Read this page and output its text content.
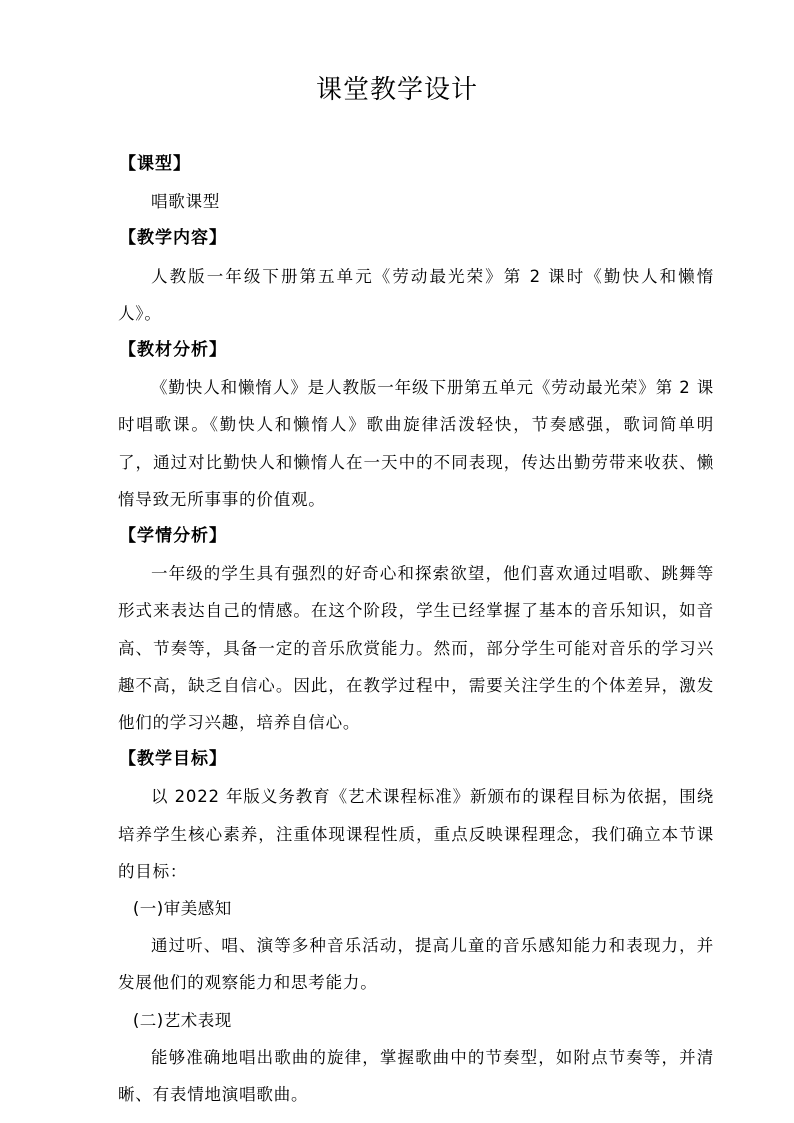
课堂教学设计

【课型】

唱歌课型

【教学内容】

人教版一年级下册第五单元《劳动最光荣》第 2 课时《勤快人和懒惰人》。

【教材分析】

《勤快人和懒惰人》是人教版一年级下册第五单元《劳动最光荣》第 2 课时唱歌课。《勤快人和懒惰人》歌曲旋律活泼轻快，节奏感强，歌词简单明了，通过对比勤快人和懒惰人在一天中的不同表现，传达出勤劳带来收获、懒惰导致无所事事的价值观。

【学情分析】

一年级的学生具有强烈的好奇心和探索欲望，他们喜欢通过唱歌、跳舞等形式来表达自己的情感。在这个阶段，学生已经掌握了基本的音乐知识，如音高、节奏等，具备一定的音乐欣赏能力。然而，部分学生可能对音乐的学习兴趣不高，缺乏自信心。因此，在教学过程中，需要关注学生的个体差异，激发他们的学习兴趣，培养自信心。

【教学目标】

以 2022 年版义务教育《艺术课程标准》新颁布的课程目标为依据，围绕培养学生核心素养，注重体现课程性质，重点反映课程理念，我们确立本节课的目标：

(一)审美感知

通过听、唱、演等多种音乐活动，提高儿童的音乐感知能力和表现力，并发展他们的观察能力和思考能力。

(二)艺术表现

能够准确地唱出歌曲的旋律，掌握歌曲中的节奏型，如附点节奏等，并清晰、有表情地演唱歌曲。
